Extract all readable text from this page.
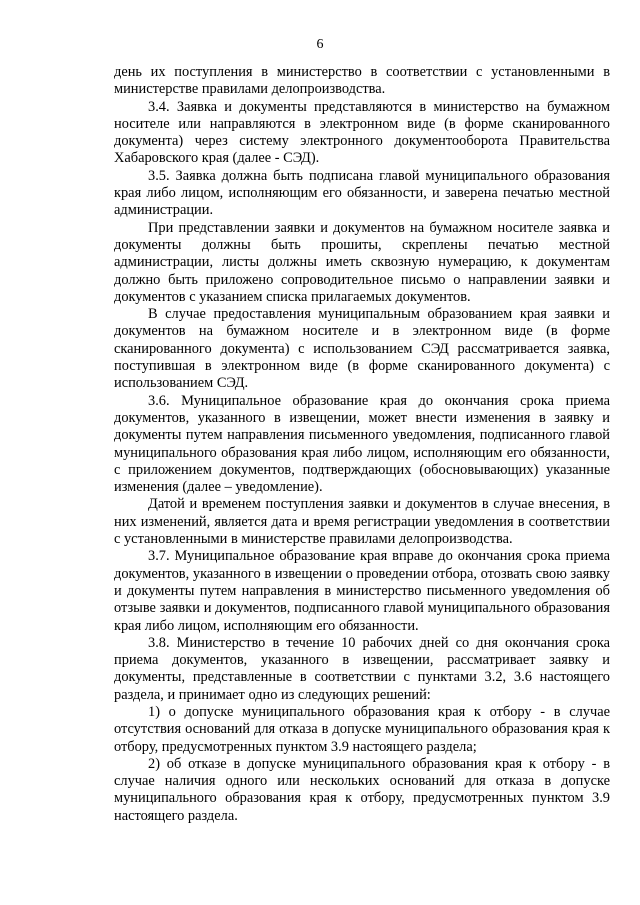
6

день их поступления в министерство в соответствии с установленными в министерстве правилами делопроизводства.

3.4. Заявка и документы представляются в министерство на бумажном носителе или направляются в электронном виде (в форме сканированного документа) через систему электронного документооборота Правительства Хабаровского края (далее - СЭД).

3.5. Заявка должна быть подписана главой муниципального образования края либо лицом, исполняющим его обязанности, и заверена печатью местной администрации.

При представлении заявки и документов на бумажном носителе заявка и документы должны быть прошиты, скреплены печатью местной администрации, листы должны иметь сквозную нумерацию, к документам должно быть приложено сопроводительное письмо о направлении заявки и документов с указанием списка прилагаемых документов.

В случае предоставления муниципальным образованием края заявки и документов на бумажном носителе и в электронном виде (в форме сканированного документа) с использованием СЭД рассматривается заявка, поступившая в электронном виде (в форме сканированного документа) с использованием СЭД.

3.6. Муниципальное образование края до окончания срока приема документов, указанного в извещении, может внести изменения в заявку и документы путем направления письменного уведомления, подписанного главой муниципального образования края либо лицом, исполняющим его обязанности, с приложением документов, подтверждающих (обосновывающих) указанные изменения (далее – уведомление).

Датой и временем поступления заявки и документов в случае внесения, в них изменений, является дата и время регистрации уведомления в соответствии с установленными в министерстве правилами делопроизводства.

3.7. Муниципальное образование края вправе до окончания срока приема документов, указанного в извещении о проведении отбора, отозвать свою заявку и документы путем направления в министерство письменного уведомления об отзыве заявки и документов, подписанного главой муниципального образования края либо лицом, исполняющим его обязанности.

3.8. Министерство в течение 10 рабочих дней со дня окончания срока приема документов, указанного в извещении, рассматривает заявку и документы, представленные в соответствии с пунктами 3.2, 3.6 настоящего раздела, и принимает одно из следующих решений:

1) о допуске муниципального образования края к отбору - в случае отсутствия оснований для отказа в допуске муниципального образования края к отбору, предусмотренных пунктом 3.9 настоящего раздела;

2) об отказе в допуске муниципального образования края к отбору - в случае наличия одного или нескольких оснований для отказа в допуске муниципального образования края к отбору, предусмотренных пунктом 3.9 настоящего раздела.
